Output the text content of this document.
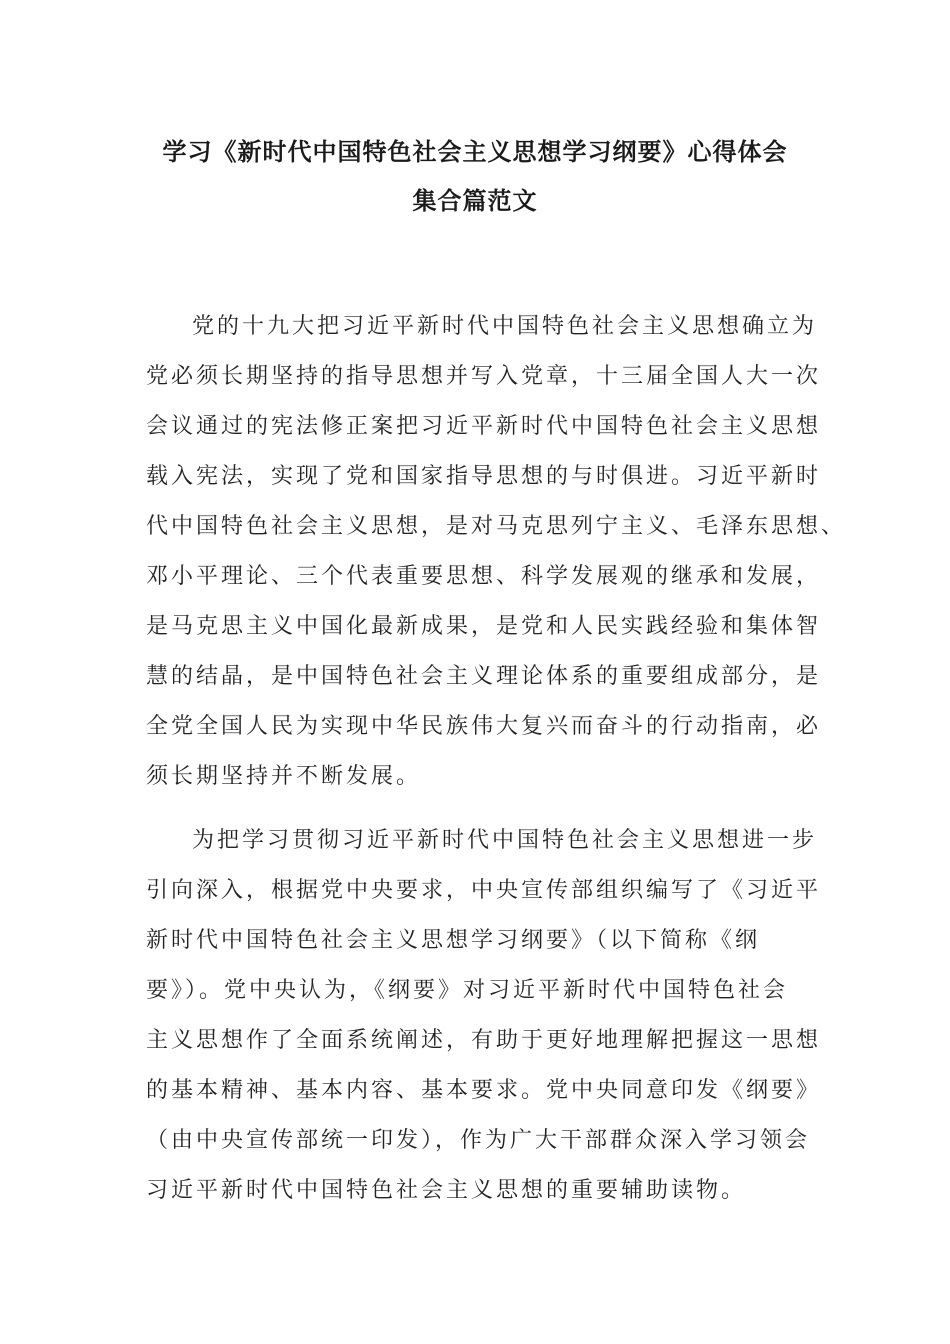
学习《新时代中国特色社会主义思想学习纲要》心得体会
集合篇范文
党的十九大把习近平新时代中国特色社会主义思想确立为
党必须长期坚持的指导思想并写入党章，十三届全国人大一次
会议通过的宪法修正案把习近平新时代中国特色社会主义思想
载入宪法，实现了党和国家指导思想的与时俱进。习近平新时
代中国特色社会主义思想，是对马克思列宁主义、毛泽东思想、
邓小平理论、三个代表重要思想、科学发展观的继承和发展，
是马克思主义中国化最新成果，是党和人民实践经验和集体智
慧的结晶，是中国特色社会主义理论体系的重要组成部分，是
全党全国人民为实现中华民族伟大复兴而奋斗的行动指南，必
须长期坚持并不断发展。
为把学习贯彻习近平新时代中国特色社会主义思想进一步
引向深入，根据党中央要求，中央宣传部组织编写了《习近平
新时代中国特色社会主义思想学习纲要》（以下简称《纲
要》）。党中央认为，《纲要》对习近平新时代中国特色社会
主义思想作了全面系统阐述，有助于更好地理解把握这一思想
的基本精神、基本内容、基本要求。党中央同意印发《纲要》
（由中央宣传部统一印发），作为广大干部群众深入学习领会
习近平新时代中国特色社会主义思想的重要辅助读物。
